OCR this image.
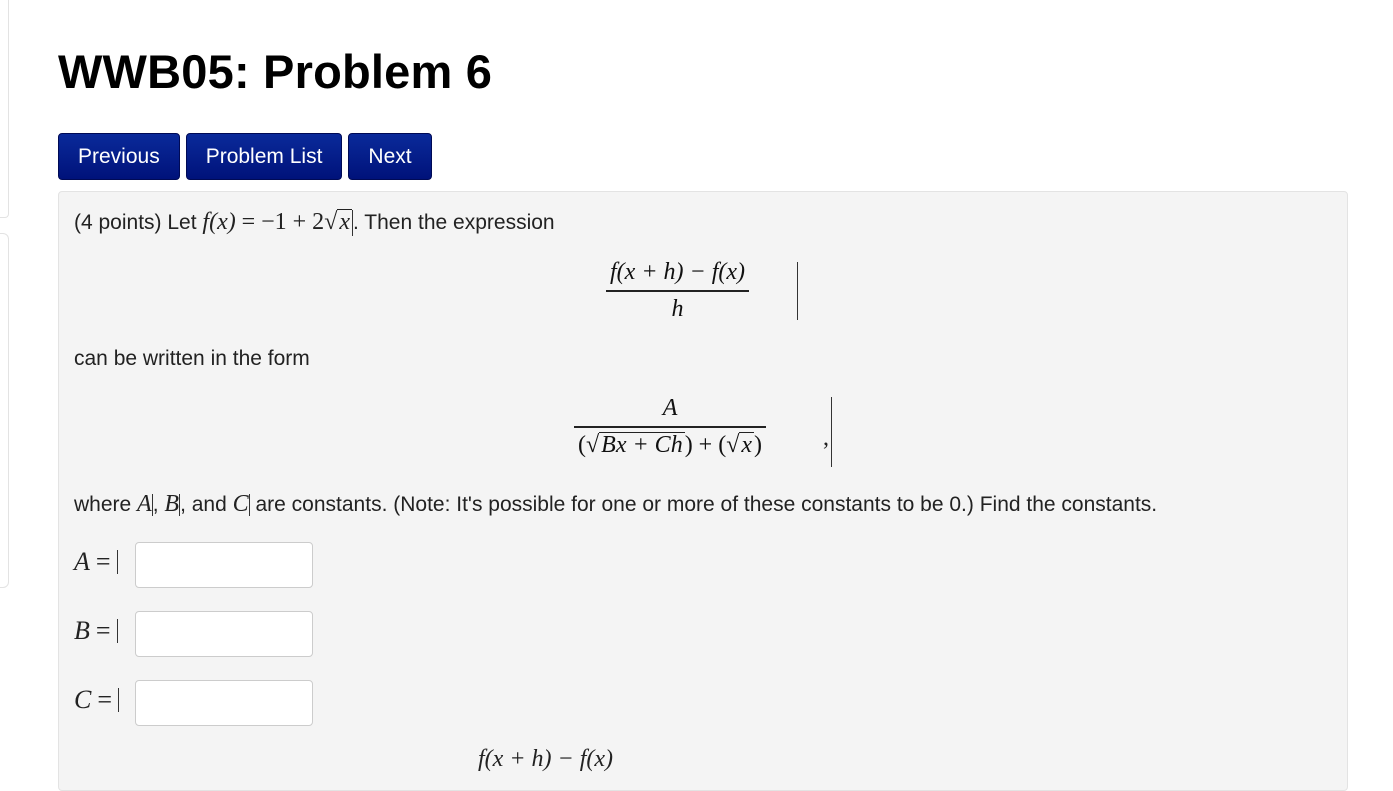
WWB05: Problem 6
Previous	Problem List	Next
(4 points) Let f(x) = −1 + 2√x . Then the expression
f(x + h) − f(x)
h
can be written in the form
A
(√Bx + Ch) + (√x)	,
where A, B, and C are constants. (Note: It's possible for one or more of these constants to be 0.) Find the constants.
A =
B =
C =
f(x + h) − f(x)
